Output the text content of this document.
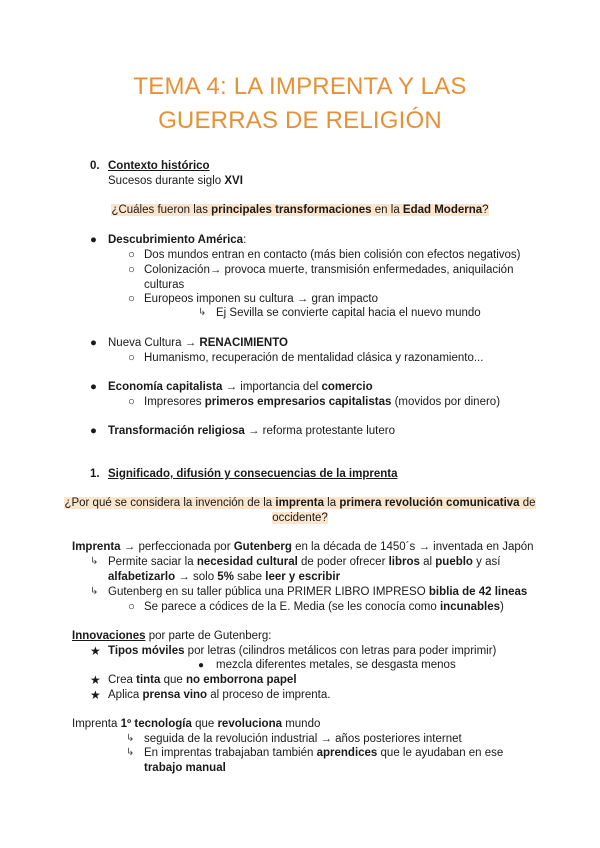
TEMA 4: LA IMPRENTA Y LAS
GUERRAS DE RELIGIÓN
0. Contexto histórico
Sucesos durante siglo XVI
¿Cuáles fueron las principales transformaciones en la Edad Moderna?
● Descubrimiento América:
○ Dos mundos entran en contacto (más bien colisión con efectos negativos)
○ Colonización→ provoca muerte, transmisión enfermedades, aniquilación
culturas
○ Europeos imponen su cultura → gran impacto
↳ Ej Sevilla se convierte capital hacia el nuevo mundo
● Nueva Cultura → RENACIMIENTO
○ Humanismo, recuperación de mentalidad clásica y razonamiento...
● Economía capitalista → importancia del comercio
○ Impresores primeros empresarios capitalistas (movidos por dinero)
● Transformación religiosa → reforma protestante lutero
1. Significado, difusión y consecuencias de la imprenta
¿Por qué se considera la invención de la imprenta la primera revolución comunicativa de
occidente?
Imprenta → perfeccionada por Gutenberg en la década de 1450´s → inventada en Japón
↳ Permite saciar la necesidad cultural de poder ofrecer libros al pueblo y así
alfabetizarlo → solo 5% sabe leer y escribir
↳ Gutenberg en su taller pública una PRIMER LIBRO IMPRESO biblia de 42 lineas
○ Se parece a códices de la E. Media (se les conocía como incunables)
Innovaciones por parte de Gutenberg:
★ Tipos móviles por letras (cilindros metálicos con letras para poder imprimir)
● mezcla diferentes metales, se desgasta menos
★ Crea tinta que no emborrona papel
★ Aplica prensa vino al proceso de imprenta.
Imprenta 1º tecnología que revoluciona mundo
↳ seguida de la revolución industrial → años posteriores internet
↳ En imprentas trabajaban también aprendices que le ayudaban en ese
trabajo manual
